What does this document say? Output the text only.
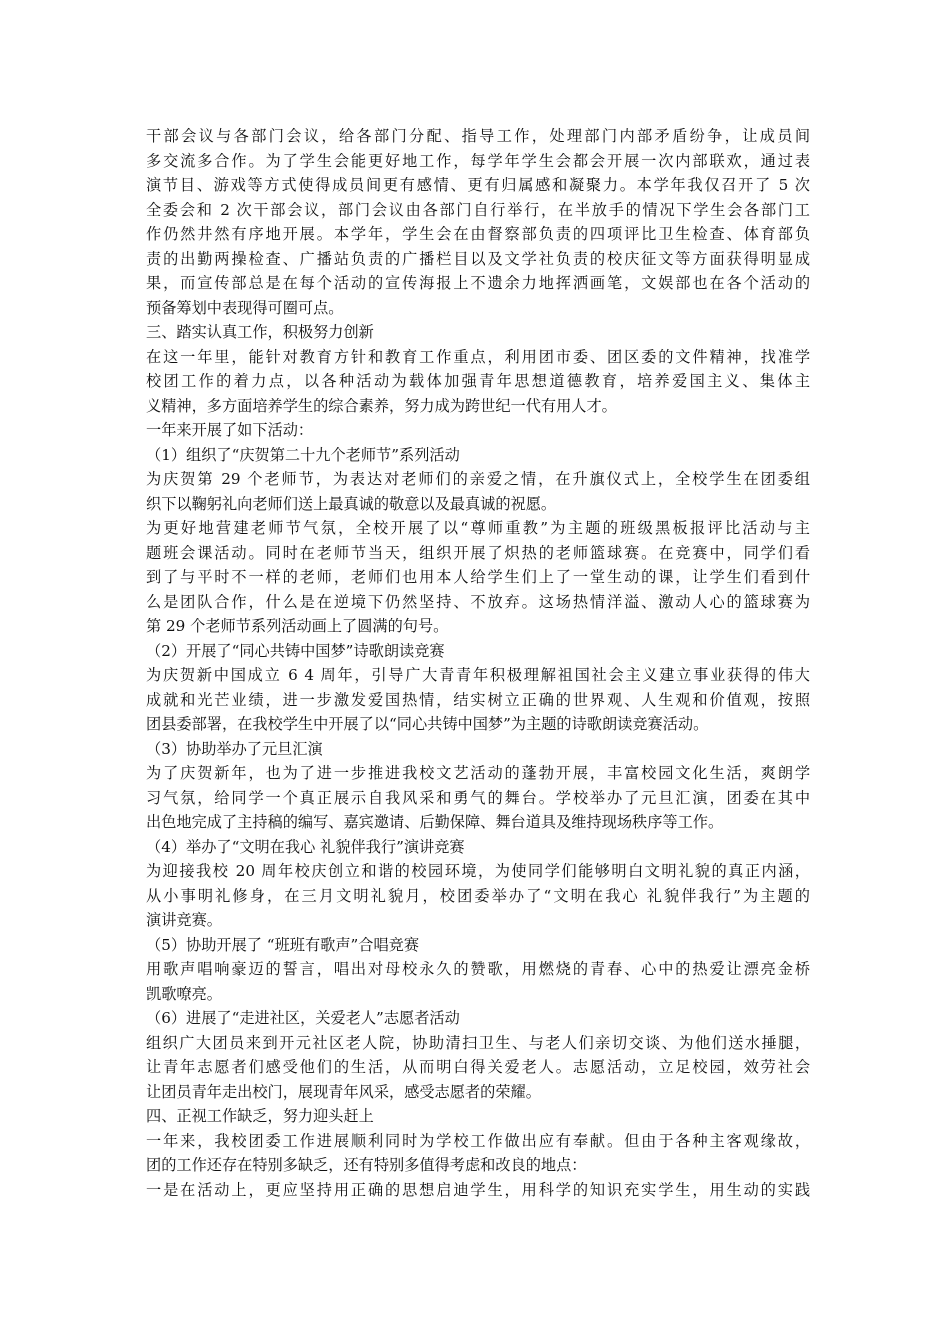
干部会议与各部门会议，给各部门分配、指导工作，处理部门内部矛盾纷争，让成员间
多交流多合作。为了学生会能更好地工作，每学年学生会都会开展一次内部联欢，通过表
演节目、游戏等方式使得成员间更有感情、更有归属感和凝聚力。本学年我仅召开了 5 次
全委会和 2 次干部会议，部门会议由各部门自行举行，在半放手的情况下学生会各部门工
作仍然井然有序地开展。本学年，学生会在由督察部负责的四项评比卫生检查、体育部负
责的出勤两操检查、广播站负责的广播栏目以及文学社负责的校庆征文等方面获得明显成
果，而宣传部总是在每个活动的宣传海报上不遗余力地挥洒画笔，文娱部也在各个活动的
预备筹划中表现得可圈可点。
三、踏实认真工作，积极努力创新
在这一年里，能针对教育方针和教育工作重点，利用团市委、团区委的文件精神，找准学
校团工作的着力点，以各种活动为载体加强青年思想道德教育，培养爱国主义、集体主
义精神，多方面培养学生的综合素养，努力成为跨世纪一代有用人才。
一年来开展了如下活动：
（1）组织了“庆贺第二十九个老师节”系列活动
为庆贺第 29 个老师节，为表达对老师们的亲爱之情，在升旗仪式上，全校学生在团委组
织下以鞠躬礼向老师们送上最真诚的敬意以及最真诚的祝愿。
为更好地营建老师节气氛，全校开展了以“尊师重教”为主题的班级黑板报评比活动与主
题班会课活动。同时在老师节当天，组织开展了炽热的老师篮球赛。在竞赛中，同学们看
到了与平时不一样的老师，老师们也用本人给学生们上了一堂生动的课，让学生们看到什
么是团队合作，什么是在逆境下仍然坚持、不放弃。这场热情洋溢、激动人心的篮球赛为
第 29 个老师节系列活动画上了圆满的句号。
（2）开展了“同心共铸中国梦”诗歌朗读竞赛
为庆贺新中国成立 6 4 周年，引导广大青青年积极理解祖国社会主义建立事业获得的伟大
成就和光芒业绩，进一步激发爱国热情，结实树立正确的世界观、人生观和价值观，按照
团县委部署，在我校学生中开展了以“同心共铸中国梦”为主题的诗歌朗读竞赛活动。
（3）协助举办了元旦汇演
为了庆贺新年，也为了进一步推进我校文艺活动的蓬勃开展，丰富校园文化生活，爽朗学
习气氛，给同学一个真正展示自我风采和勇气的舞台。学校举办了元旦汇演，团委在其中
出色地完成了主持稿的编写、嘉宾邀请、后勤保障、舞台道具及维持现场秩序等工作。
（4）举办了“文明在我心 礼貌伴我行”演讲竞赛
为迎接我校 20 周年校庆创立和谐的校园环境，为使同学们能够明白文明礼貌的真正内涵，
从小事明礼修身，在三月文明礼貌月，校团委举办了“文明在我心 礼貌伴我行”为主题的
演讲竞赛。
（5）协助开展了 “班班有歌声”合唱竞赛
用歌声唱响豪迈的誓言，唱出对母校永久的赞歌，用燃烧的青春、心中的热爱让漂亮金桥
凯歌嘹亮。
（6）进展了“走进社区，关爱老人”志愿者活动
组织广大团员来到开元社区老人院，协助清扫卫生、与老人们亲切交谈、为他们送水捶腿，
让青年志愿者们感受他们的生活，从而明白得关爱老人。志愿活动，立足校园，效劳社会
让团员青年走出校门，展现青年风采，感受志愿者的荣耀。
四、正视工作缺乏，努力迎头赶上
一年来，我校团委工作进展顺利同时为学校工作做出应有奉献。但由于各种主客观缘故，
团的工作还存在特别多缺乏，还有特别多值得考虑和改良的地点：
一是在活动上，更应坚持用正确的思想启迪学生，用科学的知识充实学生，用生动的实践
